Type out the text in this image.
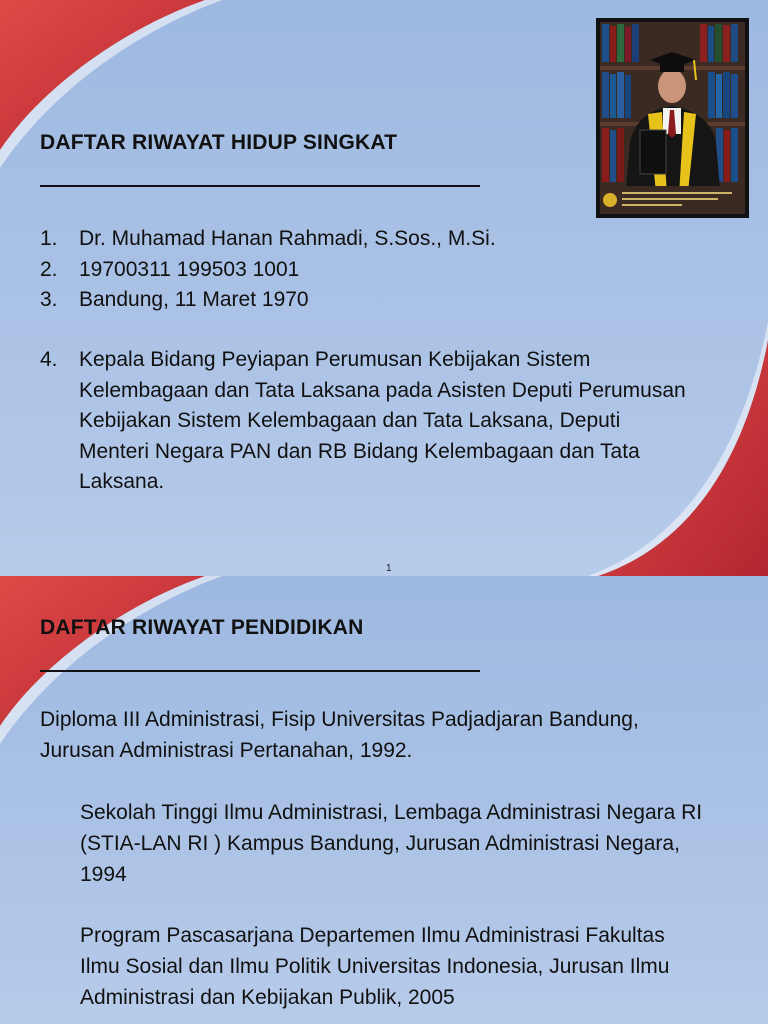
DAFTAR RIWAYAT HIDUP SINGKAT
1. Dr. Muhamad Hanan Rahmadi, S.Sos., M.Si.
2. 19700311 199503 1001
3. Bandung, 11 Maret 1970
4. Kepala Bidang Peyiapan Perumusan Kebijakan Sistem Kelembagaan dan Tata Laksana pada Asisten Deputi Perumusan Kebijakan Sistem Kelembagaan dan Tata Laksana, Deputi Menteri Negara PAN dan RB Bidang Kelembagaan dan Tata Laksana.
1
DAFTAR RIWAYAT PENDIDIKAN

Diploma III Administrasi, Fisip Universitas Padjadjaran Bandung, Jurusan Administrasi Pertanahan, 1992.

Sekolah Tinggi Ilmu Administrasi, Lembaga Administrasi Negara RI (STIA-LAN RI ) Kampus Bandung, Jurusan Administrasi Negara, 1994

Program Pascasarjana Departemen Ilmu Administrasi Fakultas Ilmu Sosial dan Ilmu Politik Universitas Indonesia, Jurusan Ilmu Administrasi dan Kebijakan Publik, 2005
